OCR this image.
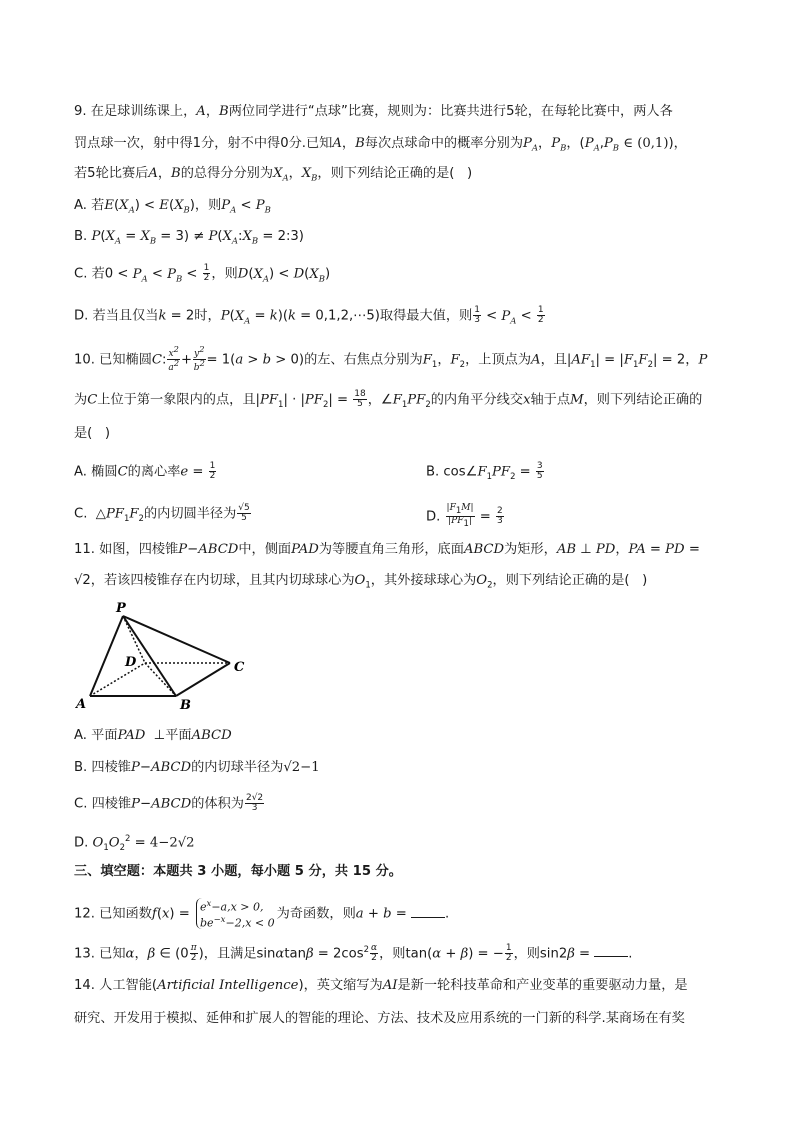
9. 在足球训练课上，A，B两位同学进行“点球”比赛，规则为：比赛共进行5轮，在每轮比赛中，两人各
罚点球一次，射中得1分，射不中得0分.已知A，B每次点球命中的概率分别为$P_A$，$P_B$，($P_A,P_B$ ∈ (0,1))，
若5轮比赛后A，B的总得分分别为$X_A$，$X_B$，则下列结论正确的是(   )
A. 若$E(X_A) < E(X_B)$，则$P_A < P_B$
B. $P(X_A = X_B = 3)$ ≠ $P(X_A:X_B$ = 2:3)
C. 若$0 < P_A < P_B < \frac{1}{2}$ ，则$D(X_A) < D(X_B)$
D. 若当且仅当k = 2时，$P(X_A = k)(k$ = 0,1,2,⋯5)取得最大值，则 $\frac{1}{3} < P_A < \frac{1}{2}$
10. 已知椭圆C: $\frac{x^2}{a^2} + \frac{y^2}{b^2} = 1(a > b > 0)$的左、右焦点分别为$F_1$，$F_2$，上顶点为A，且$|AF_1| = |F_1F_2| = 2$，P
为C上位于第一象限内的点，且$|PF_1| \cdot |PF_2| = \frac{18}{5}$ ，$\angle F_1PF_2$的内角平分线交x轴于点M，则下列结论正确的
是(   )
A. 椭圆C的离心率$e = \frac{1}{2}$	B. $\cos\angle F_1PF_2 = \frac{3}{5}$
C.  $\triangle PF_1F_2$的内切圆半径为 $\frac{√5}{5}$	D. $\frac{|F_1M|}{|PF_1|} = \frac{2}{3}$
11. 如图，四棱锥P−ABCD中，侧面PAD为等腰直角三角形，底面ABCD为矩形，AB ⊥ PD，PA = PD =
√2，若该四棱锥存在内切球，且其内切球球心为$O_1$，其外接球球心为$O_2$，则下列结论正确的是(   )
P
D	C
A	B
A. 平面PAD  ⊥平面ABCD
B. 四棱锥P−ABCD的内切球半径为√2−1
C. 四棱锥P−ABCD的体积为 $\frac{2√2}{3}$
D. $O_1O_2^2 = 4-2√2$
三、填空题：本题共 3 小题，每小题 5 分，共 15 分。
12. 已知函数$f(x) = e^x-a,x > 0$,
$be^{-x}-2,x < 0$
为奇函数，则a + b =	.
13. 已知α，β ∈ ($0 \frac{\pi}{2}$ )，且满足$\sin\alpha\tan\beta = 2\cos^2 \frac{\alpha}{2}$ ，则tan(α + β) = − $\frac{1}{2}$ ，则sin2β =	.
14. 人工智能(Artificial Intelligence)，英文缩写为AI是新一轮科技革命和产业变革的重要驱动力量，是
研究、开发用于模拟、延伸和扩展人的智能的理论、方法、技术及应用系统的一门新的科学.某商场在有奖
